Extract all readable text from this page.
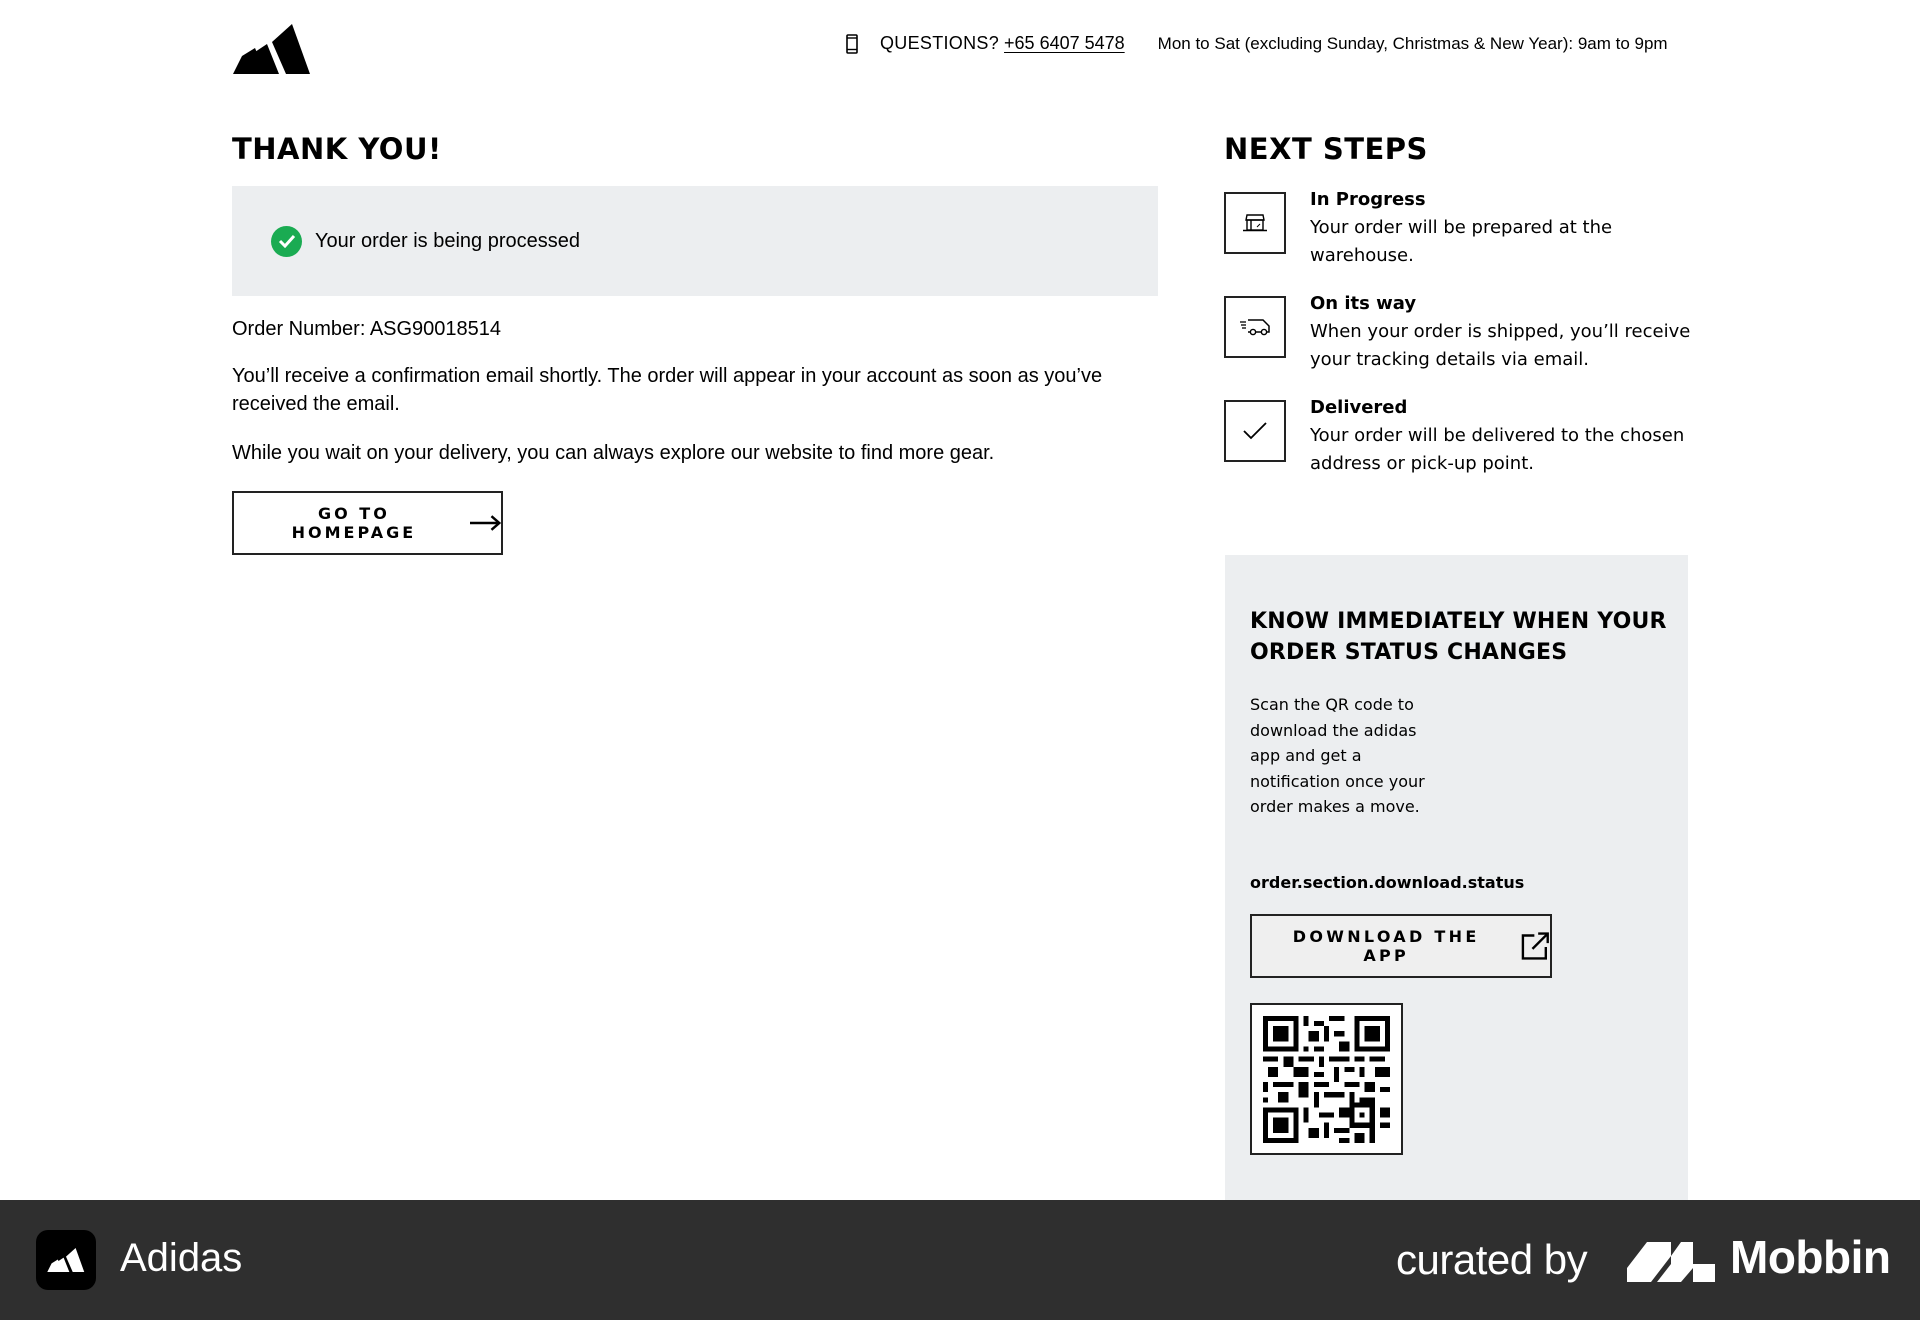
QUESTIONS? +65 6407 5478 Mon to Sat (excluding Sunday, Christmas & New Year): 9am to 9pm
THANK YOU!
Your order is being processed

Order Number: ASG90018514

You’ll receive a confirmation email shortly. The order will appear in your account as soon as you’ve received the email.

While you wait on your delivery, you can always explore our website to find more gear.

GO TO HOMEPAGE
NEXT STEPS
In Progress
Your order will be prepared at the warehouse.
On its way
When your order is shipped, you’ll receive your tracking details via email.
Delivered
Your order will be delivered to the chosen address or pick-up point.
KNOW IMMEDIATELY WHEN YOUR ORDER STATUS CHANGES

Scan the QR code to download the adidas app and get a notification once your order makes a move.

order.section.download.status

DOWNLOAD THE APP
Adidas	curated by	Mobbin
